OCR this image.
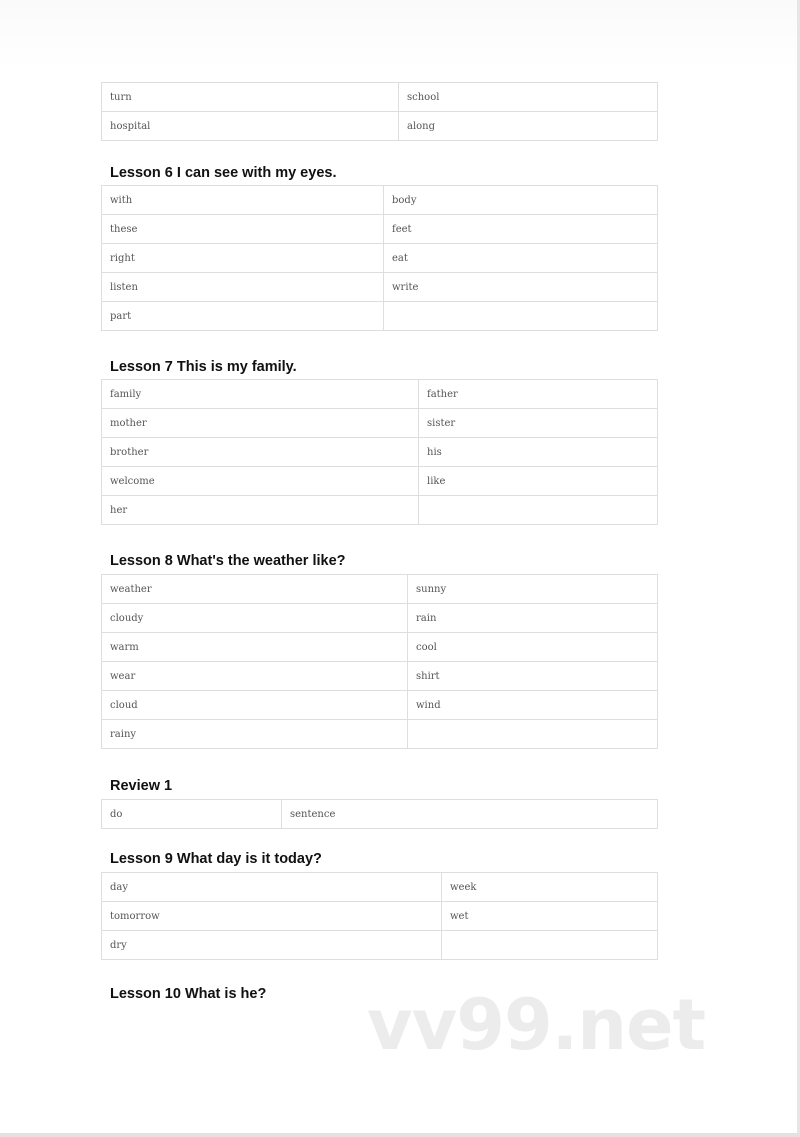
turn	school
hospital	along
Lesson 6 I can see with my eyes.
with	body
these	feet
right	eat
listen	write
part	
Lesson 7 This is my family.
family	father
mother	sister
brother	his
welcome	like
her	
Lesson 8 What's the weather like?
weather	sunny
cloudy	rain
warm	cool
wear	shirt
cloud	wind
rainy	
Review 1
do	sentence
Lesson 9 What day is it today?
day	week
tomorrow	wet
dry	
Lesson 10 What is he? vv99.net
